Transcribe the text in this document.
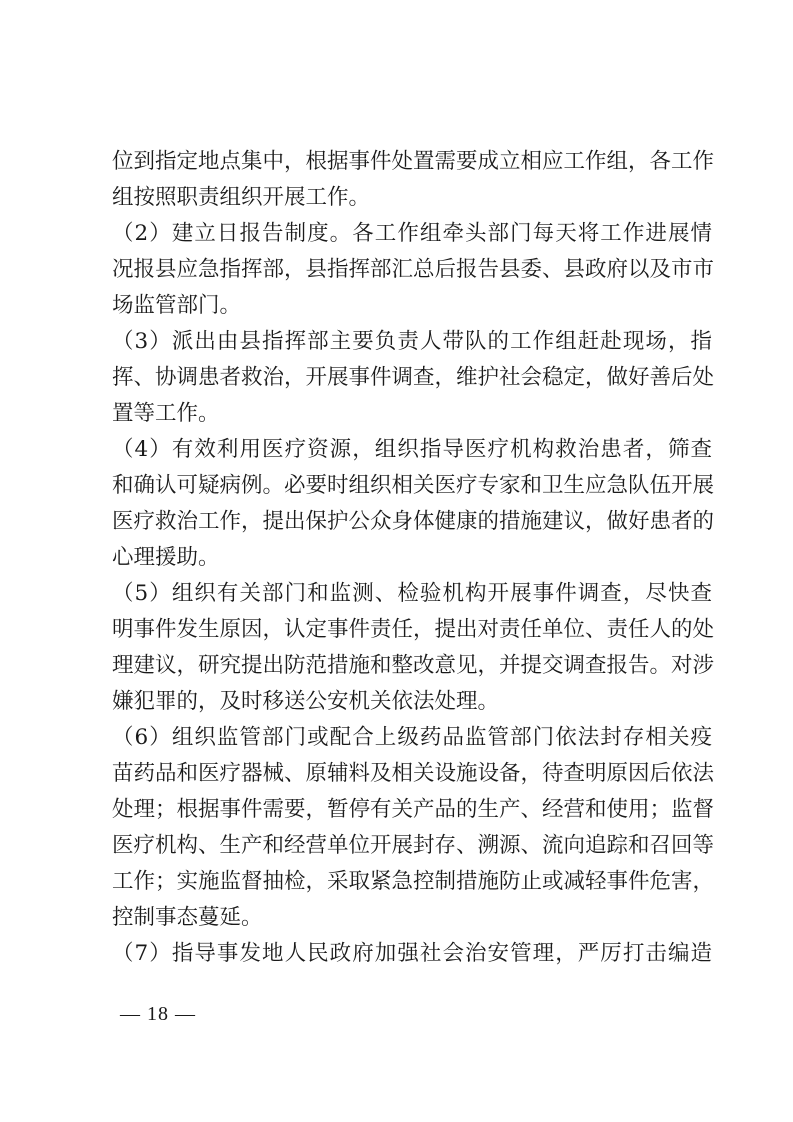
位到指定地点集中，根据事件处置需要成立相应工作组，各工作
组按照职责组织开展工作。
（2）建立日报告制度。各工作组牵头部门每天将工作进展情
况报县应急指挥部，县指挥部汇总后报告县委、县政府以及市市
场监管部门。
（3）派出由县指挥部主要负责人带队的工作组赶赴现场，指
挥、协调患者救治，开展事件调查，维护社会稳定，做好善后处
置等工作。
（4）有效利用医疗资源，组织指导医疗机构救治患者，筛查
和确认可疑病例。必要时组织相关医疗专家和卫生应急队伍开展
医疗救治工作，提出保护公众身体健康的措施建议，做好患者的
心理援助。
（5）组织有关部门和监测、检验机构开展事件调查，尽快查
明事件发生原因，认定事件责任，提出对责任单位、责任人的处
理建议，研究提出防范措施和整改意见，并提交调查报告。对涉
嫌犯罪的，及时移送公安机关依法处理。
（6）组织监管部门或配合上级药品监管部门依法封存相关疫
苗药品和医疗器械、原辅料及相关设施设备，待查明原因后依法
处理；根据事件需要，暂停有关产品的生产、经营和使用；监督
医疗机构、生产和经营单位开展封存、溯源、流向追踪和召回等
工作；实施监督抽检，采取紧急控制措施防止或减轻事件危害，
控制事态蔓延。
（7）指导事发地人民政府加强社会治安管理，严厉打击编造
— 18 —
